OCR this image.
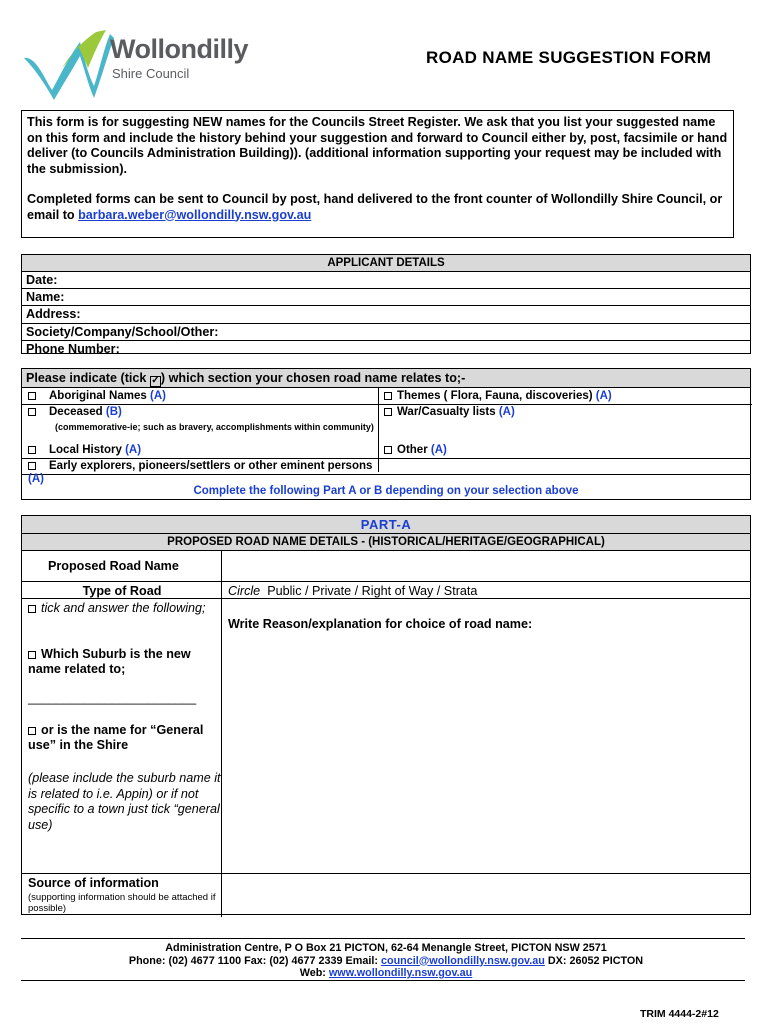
Wollondilly
Shire Council
ROAD NAME SUGGESTION FORM

This form is for suggesting NEW names for the Councils Street Register. We ask that you list your suggested name on this form and include the history behind your suggestion and forward to Council either by, post, facsimile or hand deliver (to Councils Administration Building)). (additional information supporting your request may be included with the submission).

Completed forms can be sent to Council by post, hand delivered to the front counter of Wollondilly Shire Council, or email to barbara.weber@wollondilly.nsw.gov.au

APPLICANT DETAILS
Date:
Name:
Address:
Society/Company/School/Other:
Phone Number:
Please indicate (tick ✓) which section your chosen road name relates to;-
Aboriginal Names (A)
Deceased (B)
(commemorative-ie; such as bravery, accomplishments within community)
Local History (A)
Early explorers, pioneers/settlers or other eminent persons (A)
Themes ( Flora, Fauna, discoveries) (A)
War/Casualty lists (A)
Other (A)
Complete the following Part A or B depending on your selection above
PART-A
PROPOSED ROAD NAME DETAILS - (HISTORICAL/HERITAGE/GEOGRAPHICAL)
Proposed Road Name
Type of Road	Circle Public / Private / Right of Way / Strata
tick and answer the following;
Write Reason/explanation for choice of road name:
Which Suburb is the new name related to;
________________________
or is the name for “General use” in the Shire
(please include the suburb name it is related to i.e. Appin) or if not specific to a town just tick “general use)
Source of information
(supporting information should be attached if possible)
Administration Centre, P O Box 21 PICTON, 62-64 Menangle Street, PICTON NSW 2571
Phone: (02) 4677 1100 Fax: (02) 4677 2339 Email: council@wollondilly.nsw.gov.au DX: 26052 PICTON
Web: www.wollondilly.nsw.gov.au
TRIM 4444-2#12
